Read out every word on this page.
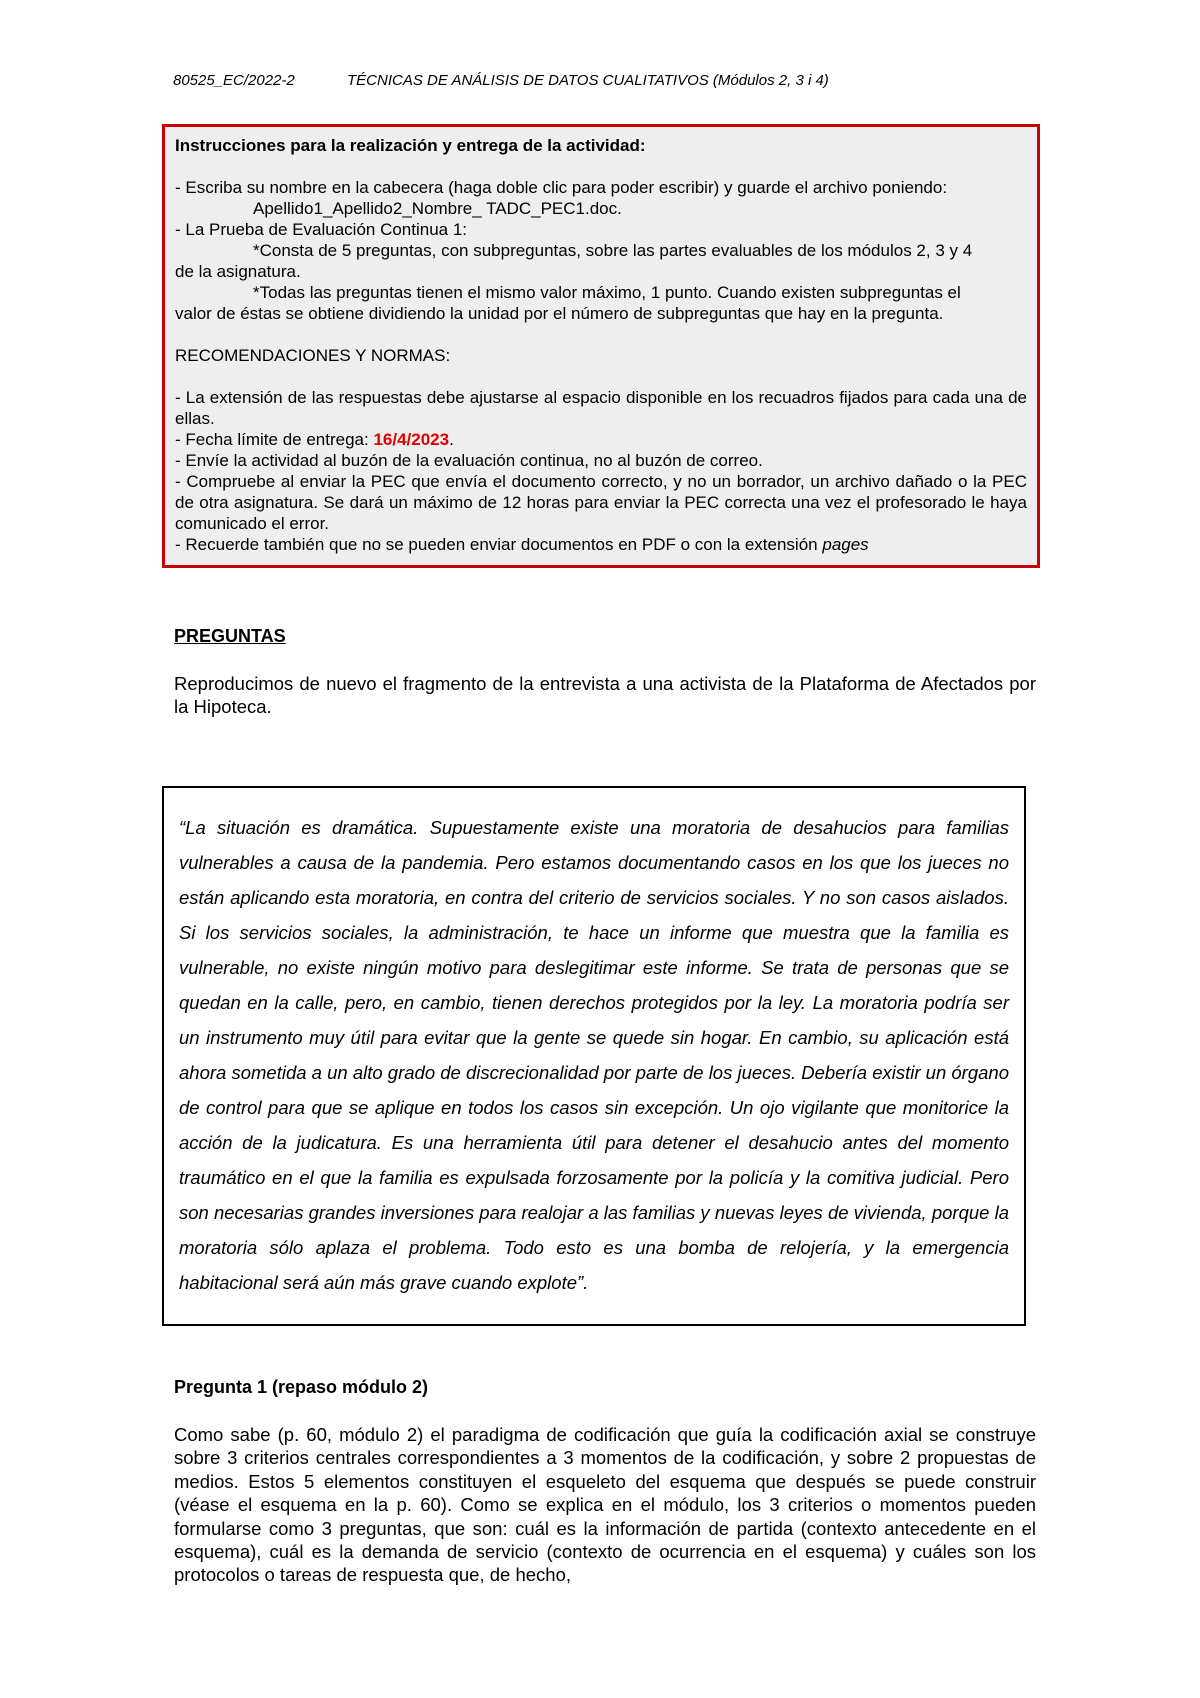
80525_EC/2022-2	TÉCNICAS DE ANÁLISIS DE DATOS CUALITATIVOS (Módulos 2, 3 i 4)

Instrucciones para la realización y entrega de la actividad:

- Escriba su nombre en la cabecera (haga doble clic para poder escribir) y guarde el archivo poniendo:

Apellido1_Apellido2_Nombre_ TADC_PEC1.doc.

- La Prueba de Evaluación Continua 1:

*Consta de 5 preguntas, con subpreguntas, sobre las partes evaluables de los módulos 2, 3 y 4
de la asignatura.

*Todas las preguntas tienen el mismo valor máximo, 1 punto. Cuando existen subpreguntas el
valor de éstas se obtiene dividiendo la unidad por el número de subpreguntas que hay en la pregunta.

RECOMENDACIONES Y NORMAS:

- La extensión de las respuestas debe ajustarse al espacio disponible en los recuadros fijados para cada una de ellas.

- Fecha límite de entrega: 16/4/2023.

- Envíe la actividad al buzón de la evaluación continua, no al buzón de correo.

- Compruebe al enviar la PEC que envía el documento correcto, y no un borrador, un archivo dañado o la PEC de otra asignatura. Se dará un máximo de 12 horas para enviar la PEC correcta una vez el profesorado le haya comunicado el error.

- Recuerde también que no se pueden enviar documentos en PDF o con la extensión pages

PREGUNTAS

Reproducimos de nuevo el fragmento de la entrevista a una activista de la Plataforma de Afectados por la Hipoteca.

“La situación es dramática. Supuestamente existe una moratoria de desahucios para familias vulnerables a causa de la pandemia. Pero estamos documentando casos en los que los jueces no están aplicando esta moratoria, en contra del criterio de servicios sociales. Y no son casos aislados. Si los servicios sociales, la administración, te hace un informe que muestra que la familia es vulnerable, no existe ningún motivo para deslegitimar este informe. Se trata de personas que se quedan en la calle, pero, en cambio, tienen derechos protegidos por la ley. La moratoria podría ser un instrumento muy útil para evitar que la gente se quede sin hogar. En cambio, su aplicación está ahora sometida a un alto grado de discrecionalidad por parte de los jueces. Debería existir un órgano de control para que se aplique en todos los casos sin excepción. Un ojo vigilante que monitorice la acción de la judicatura. Es una herramienta útil para detener el desahucio antes del momento traumático en el que la familia es expulsada forzosamente por la policía y la comitiva judicial. Pero son necesarias grandes inversiones para realojar a las familias y nuevas leyes de vivienda, porque la moratoria sólo aplaza el problema. Todo esto es una bomba de relojería, y la emergencia habitacional será aún más grave cuando explote”.

Pregunta 1 (repaso módulo 2)

Como sabe (p. 60, módulo 2) el paradigma de codificación que guía la codificación axial se construye sobre 3 criterios centrales correspondientes a 3 momentos de la codificación, y sobre 2 propuestas de medios. Estos 5 elementos constituyen el esqueleto del esquema que después se puede construir (véase el esquema en la p. 60). Como se explica en el módulo, los 3 criterios o momentos pueden formularse como 3 preguntas, que son: cuál es la información de partida (contexto antecedente en el esquema), cuál es la demanda de servicio (contexto de ocurrencia en el esquema) y cuáles son los protocolos o tareas de respuesta que, de hecho,
